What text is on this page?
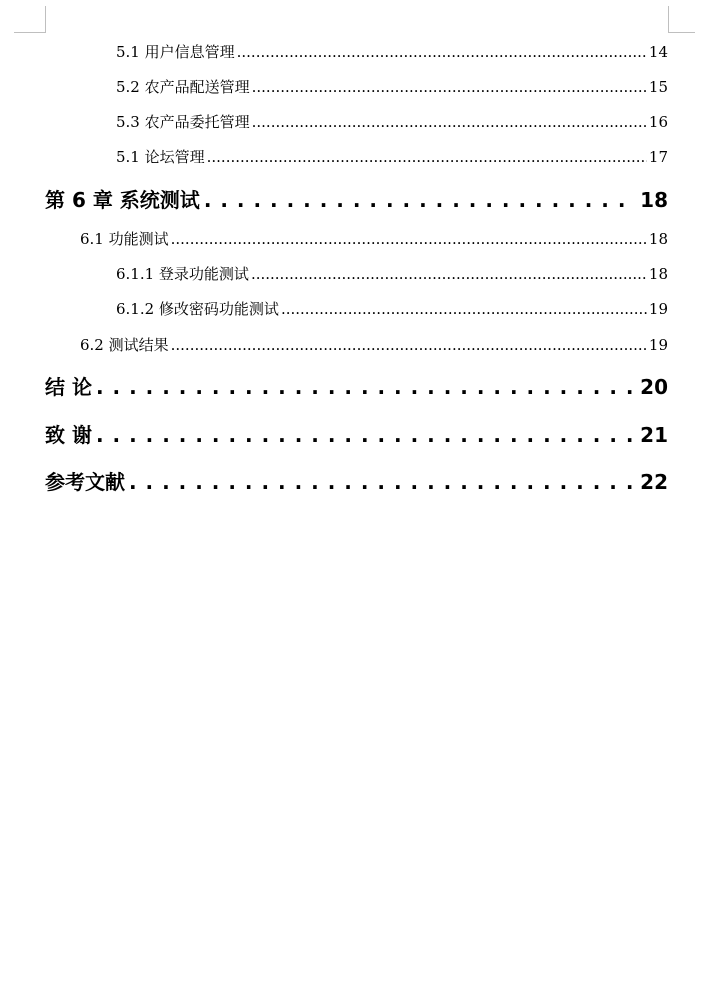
5.1 用户信息管理 .....	14
5.2 农产品配送管理 .....	15
5.3 农产品委托管理 .....	16
5.1 论坛管理 .....	17
第 6 章 系统测试 . . .	18
6.1 功能测试 .....	18
6.1.1 登录功能测试 .....	18
6.1.2 修改密码功能测试 .....	19
6.2 测试结果 .....	19
结 论 . . .	20
致 谢 . . .	21
参考文献 . . .	22
